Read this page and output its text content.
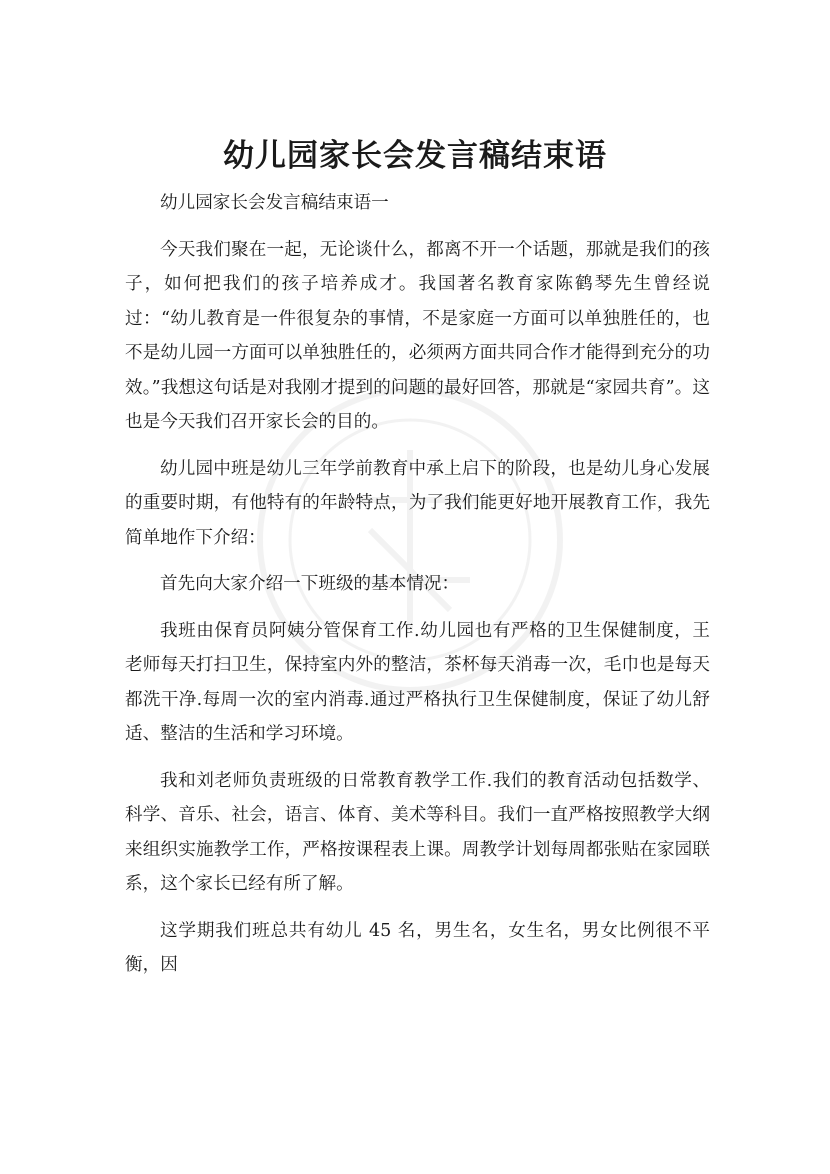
幼儿园家长会发言稿结束语

幼儿园家长会发言稿结束语一

今天我们聚在一起，无论谈什么，都离不开一个话题，那就是我们的孩子，如何把我们的孩子培养成才。我国著名教育家陈鹤琴先生曾经说过：“幼儿教育是一件很复杂的事情，不是家庭一方面可以单独胜任的，也不是幼儿园一方面可以单独胜任的，必须两方面共同合作才能得到充分的功效。”我想这句话是对我刚才提到的问题的最好回答，那就是“家园共育”。这也是今天我们召开家长会的目的。

幼儿园中班是幼儿三年学前教育中承上启下的阶段，也是幼儿身心发展的重要时期，有他特有的年龄特点，为了我们能更好地开展教育工作，我先简单地作下介绍：

首先向大家介绍一下班级的基本情况：

我班由保育员阿姨分管保育工作.幼儿园也有严格的卫生保健制度，王老师每天打扫卫生，保持室内外的整洁，茶杯每天消毒一次，毛巾也是每天都洗干净.每周一次的室内消毒.通过严格执行卫生保健制度，保证了幼儿舒适、整洁的生活和学习环境。

我和刘老师负责班级的日常教育教学工作.我们的教育活动包括数学、科学、音乐、社会，语言、体育、美术等科目。我们一直严格按照教学大纲来组织实施教学工作，严格按课程表上课。周教学计划每周都张贴在家园联系，这个家长已经有所了解。

这学期我们班总共有幼儿 45 名，男生名，女生名，男女比例很不平衡，因
